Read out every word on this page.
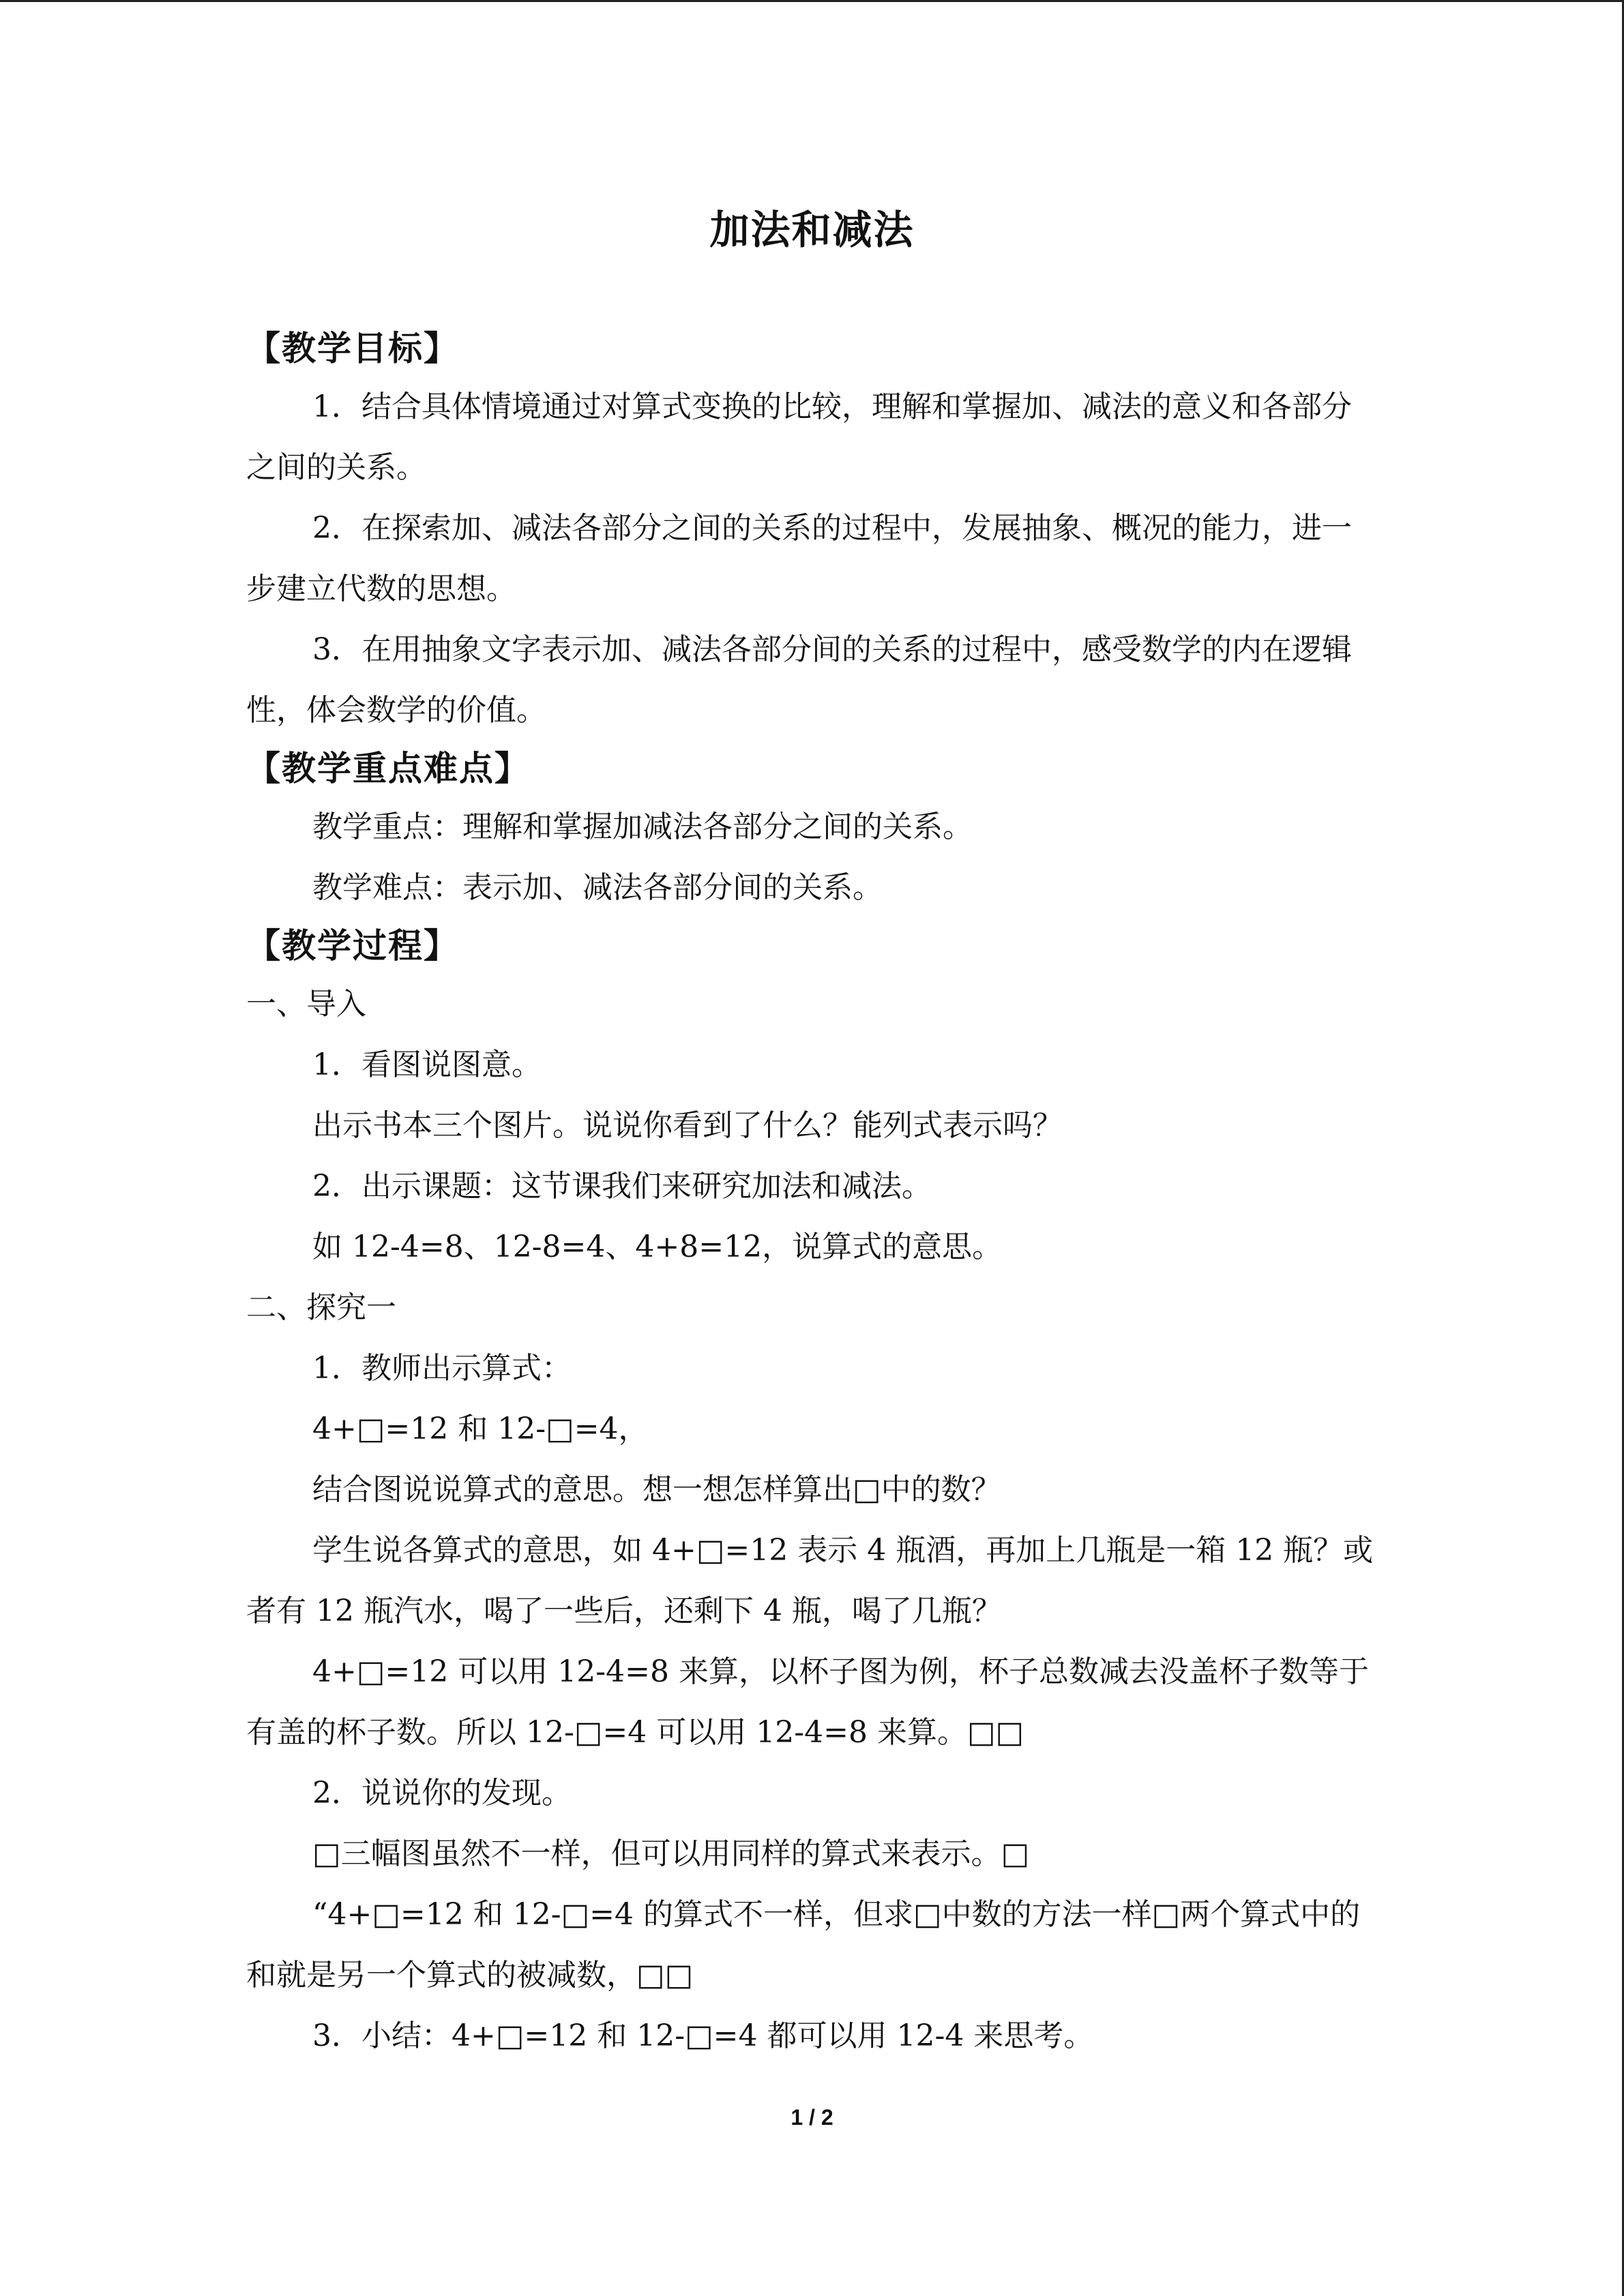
加法和减法
【教学目标】

1．结合具体情境通过对算式变换的比较，理解和掌握加、减法的意义和各部分之间的关系。

2．在探索加、减法各部分之间的关系的过程中，发展抽象、概况的能力，进一步建立代数的思想。

3．在用抽象文字表示加、减法各部分间的关系的过程中，感受数学的内在逻辑性，体会数学的价值。

【教学重点难点】

教学重点：理解和掌握加减法各部分之间的关系。

教学难点：表示加、减法各部分间的关系。

【教学过程】

一、导入

1．看图说图意。

出示书本三个图片。说说你看到了什么？能列式表示吗？

2．出示课题：这节课我们来研究加法和减法。

如 12-4=8、12-8=4、4+8=12，说算式的意思。

二、探究一

1．教师出示算式：

4+□=12 和 12-□=4，

结合图说说算式的意思。想一想怎样算出□中的数？

学生说各算式的意思，如 4+□=12 表示 4 瓶酒，再加上几瓶是一箱 12 瓶？或者有 12 瓶汽水，喝了一些后，还剩下 4 瓶，喝了几瓶？

4+□=12 可以用 12-4=8 来算，以杯子图为例，杯子总数减去没盖杯子数等于有盖的杯子数。所以 12-□=4 可以用 12-4=8 来算。□□

2．说说你的发现。

□三幅图虽然不一样，但可以用同样的算式来表示。□

“4+□=12 和 12-□=4 的算式不一样，但求□中数的方法一样□两个算式中的和就是另一个算式的被减数，□□

3．小结：4+□=12 和 12-□=4 都可以用 12-4 来思考。

1 / 2
